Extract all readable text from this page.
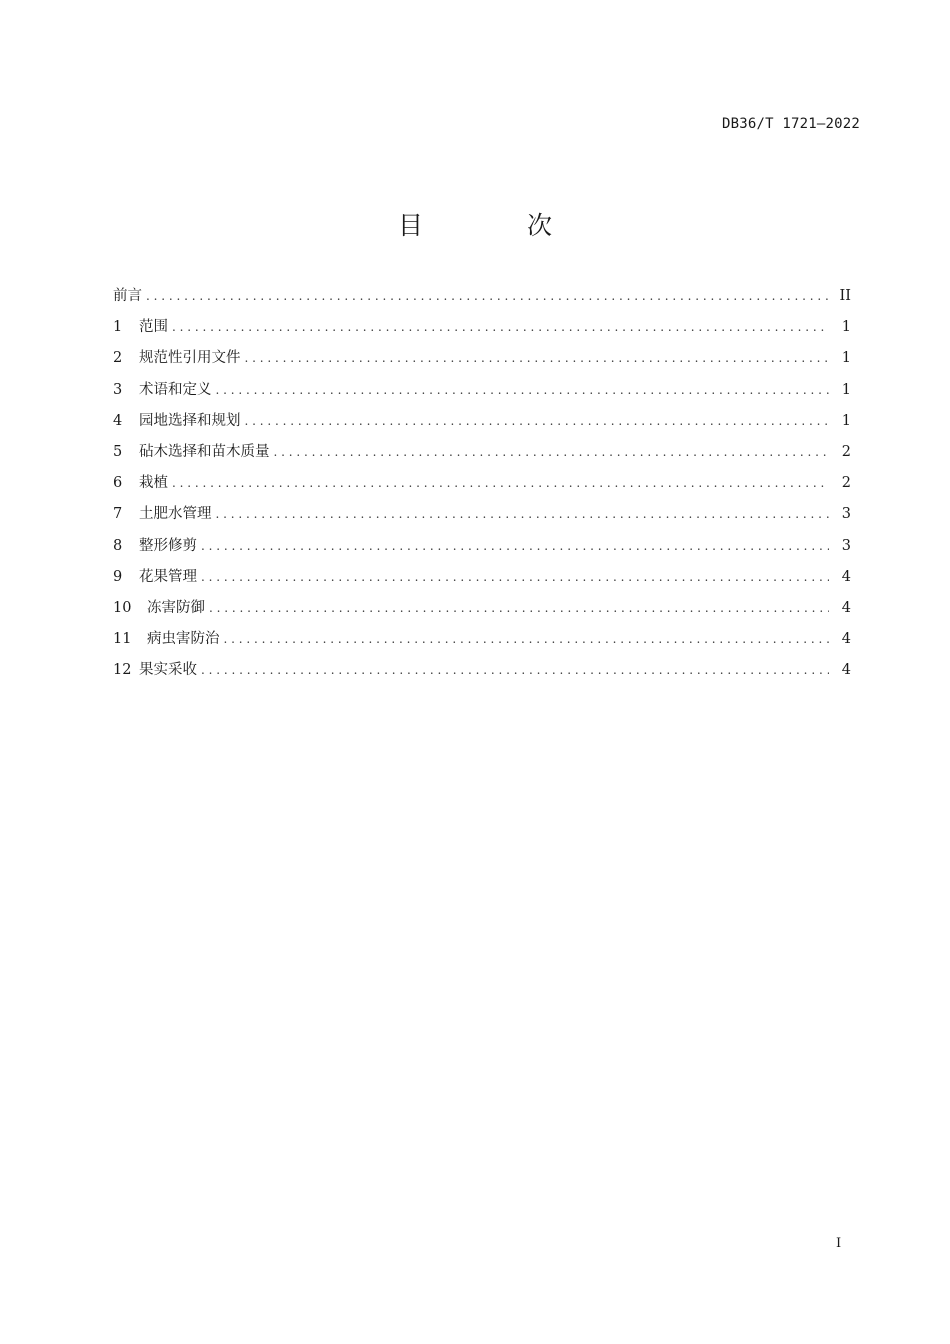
DB36/T 1721—2022
目 次
前言 . . .	II
1	范围 . . .	1
2	规范性引用文件 . . .	1
3	术语和定义 . . .	1
4	园地选择和规划 . . .	1
5	砧木选择和苗木质量 . . .	2
6	栽植 . . .	2
7	土肥水管理 . . .	3
8	整形修剪 . . .	3
9	花果管理 . . .	4
10	冻害防御 . . .	4
11	病虫害防治 . . .	4
12 果实采收 . . .	4
I
